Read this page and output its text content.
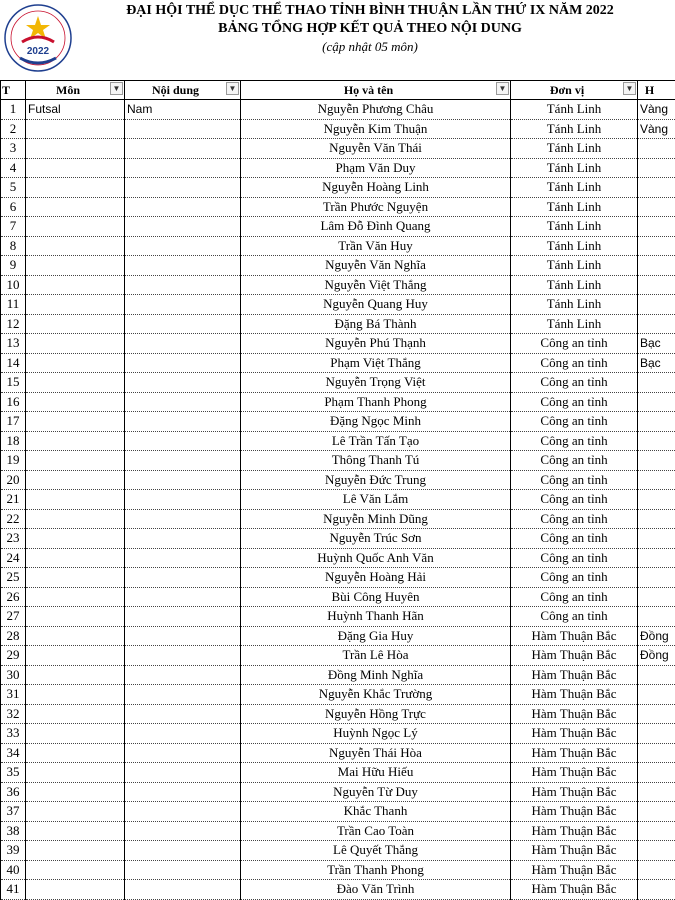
2022
ĐẠI HỘI THỂ DỤC THỂ THAO TỈNH BÌNH THUẬN LẦN THỨ IX NĂM 2022
BẢNG TỔNG HỢP KẾT QUẢ THEO NỘI DUNG
(cập nhật 05 môn)
T	Môn ▼	Nội dung ▼	Họ và tên ▼	Đơn vị ▼	H

1	Futsal	Nam	Nguyễn Phương Châu	Tánh Linh	Vàng
2			Nguyễn Kim Thuận	Tánh Linh	Vàng
3			Nguyễn Văn Thái	Tánh Linh	
4			Phạm Văn Duy	Tánh Linh	
5			Nguyễn Hoàng Linh	Tánh Linh	
6			Trần Phước Nguyện	Tánh Linh	
7			Lâm Đỗ Đình Quang	Tánh Linh	
8			Trần Văn Huy	Tánh Linh	
9			Nguyễn Văn Nghĩa	Tánh Linh	
10			Nguyễn Việt Thắng	Tánh Linh	
11			Nguyễn Quang Huy	Tánh Linh	
12			Đặng Bá Thành	Tánh Linh	
13			Nguyễn Phú Thạnh	Công an tỉnh	Bạc
14			Phạm Việt Thắng	Công an tỉnh	Bạc
15			Nguyễn Trọng Việt	Công an tỉnh	
16			Phạm Thanh Phong	Công an tỉnh	
17			Đặng Ngọc Minh	Công an tỉnh	
18			Lê Trần Tấn Tạo	Công an tỉnh	
19			Thông Thanh Tú	Công an tỉnh	
20			Nguyễn Đức Trung	Công an tỉnh	
21			Lê Văn Lắm	Công an tỉnh	
22			Nguyễn Minh Dũng	Công an tỉnh	
23			Nguyễn Trúc Sơn	Công an tỉnh	
24			Huỳnh Quốc Anh Văn	Công an tỉnh	
25			Nguyễn Hoàng Hải	Công an tỉnh	
26			Bùi Công Huyên	Công an tỉnh	
27			Huỳnh Thanh Hãn	Công an tỉnh	
28			Đặng Gia Huy	Hàm Thuận Bắc	Đồng
29			Trần Lê Hòa	Hàm Thuận Bắc	Đồng
30			Đồng Minh Nghĩa	Hàm Thuận Bắc	
31			Nguyễn Khắc Trường	Hàm Thuận Bắc	
32			Nguyễn Hồng Trực	Hàm Thuận Bắc	
33			Huỳnh Ngọc Lý	Hàm Thuận Bắc	
34			Nguyễn Thái Hòa	Hàm Thuận Bắc	
35			Mai Hữu Hiếu	Hàm Thuận Bắc	
36			Nguyễn Từ Duy	Hàm Thuận Bắc	
37			Khắc Thanh	Hàm Thuận Bắc	
38			Trần Cao Toàn	Hàm Thuận Bắc	
39			Lê Quyết Thắng	Hàm Thuận Bắc	
40			Trần Thanh Phong	Hàm Thuận Bắc	
41			Đào Văn Trình	Hàm Thuận Bắc	
